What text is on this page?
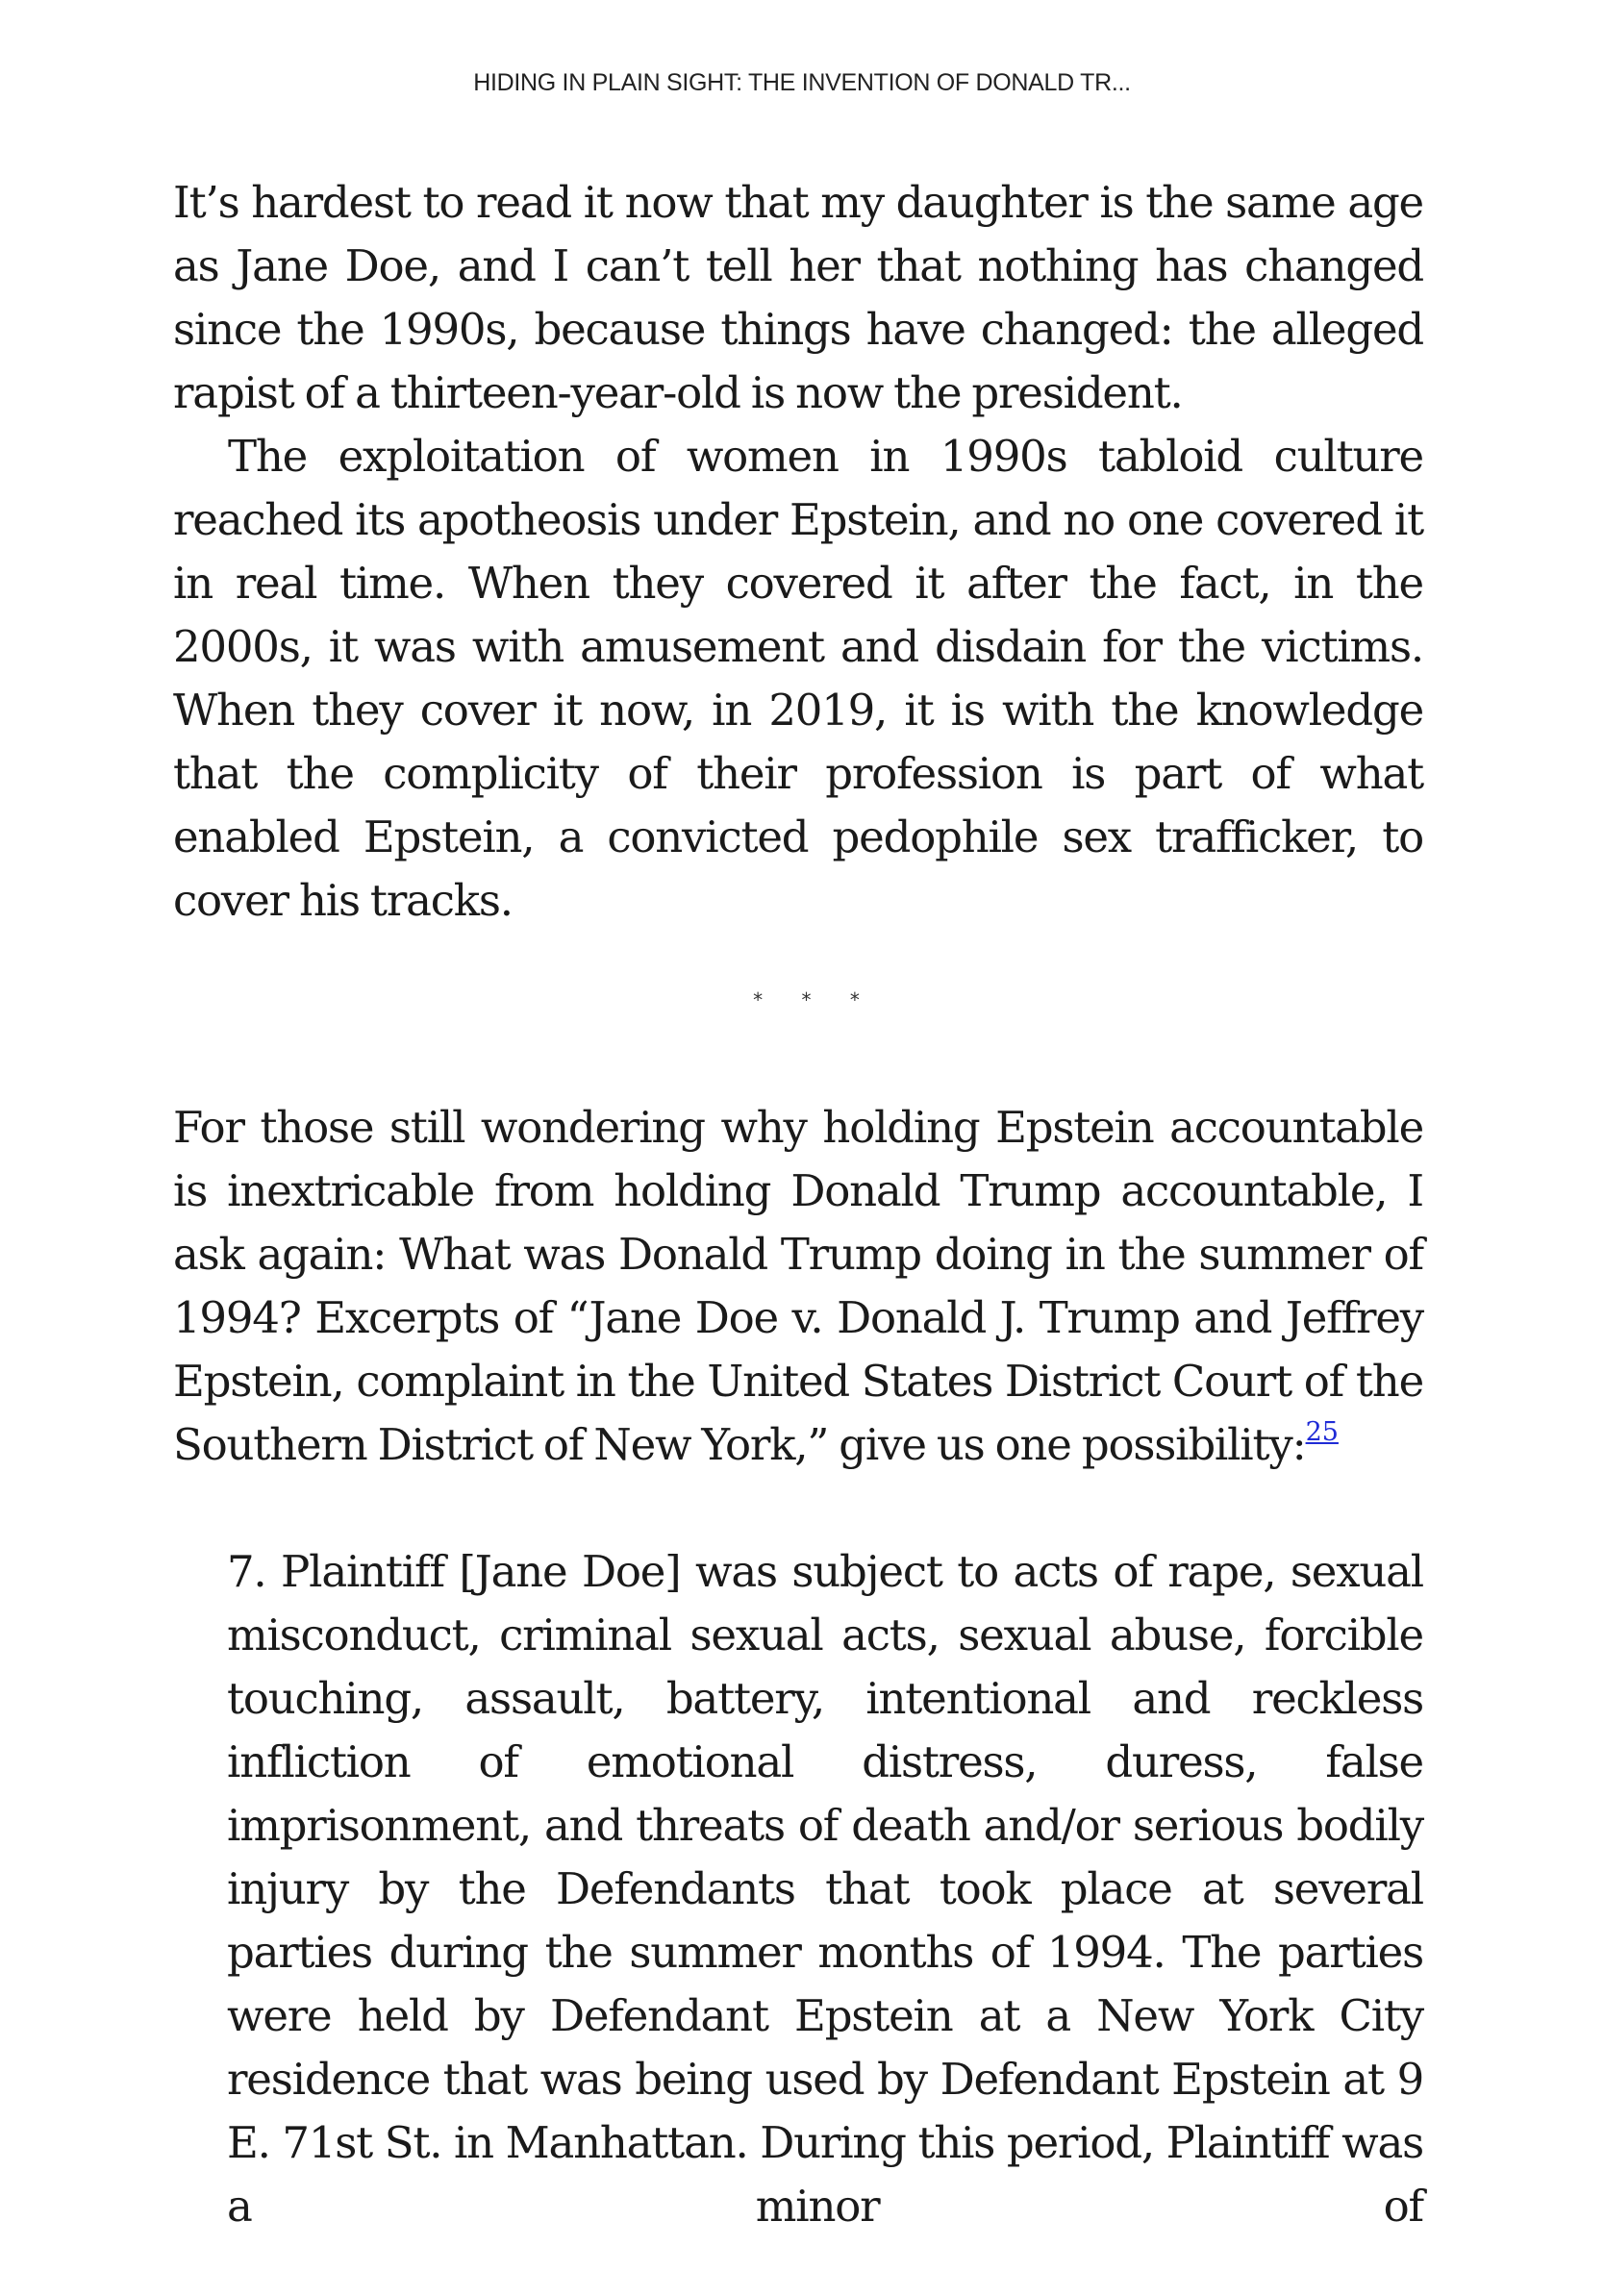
HIDING IN PLAIN SIGHT: THE INVENTION OF DONALD TR...

It’s hardest to read it now that my daughter is the same age as Jane Doe, and I can’t tell her that nothing has changed since the 1990s, because things have changed: the alleged rapist of a thirteen-year-old is now the president.

The exploitation of women in 1990s tabloid culture reached its apotheosis under Epstein, and no one covered it in real time. When they covered it after the fact, in the 2000s, it was with amusement and disdain for the victims. When they cover it now, in 2019, it is with the knowledge that the complicity of their profession is part of what enabled Epstein, a convicted pedophile sex trafficker, to cover his tracks.

* * *

For those still wondering why holding Epstein accountable is inextricable from holding Donald Trump accountable, I ask again: What was Donald Trump doing in the summer of 1994? Excerpts of “Jane Doe v. Donald J. Trump and Jeffrey Epstein, complaint in the United States District Court of the Southern District of New York,” give us one possibility:$^{25}$

7. Plaintiff [Jane Doe] was subject to acts of rape, sexual misconduct, criminal sexual acts, sexual abuse, forcible touching, assault, battery, intentional and reckless infliction of emotional distress, duress, false imprisonment, and threats of death and/or serious bodily injury by the Defendants that took place at several parties during the summer months of 1994. The parties were held by Defendant Epstein at a New York City residence that was being used by Defendant Epstein at 9 E. 71st St. in Manhattan. During this period, Plaintiff was a minor of
